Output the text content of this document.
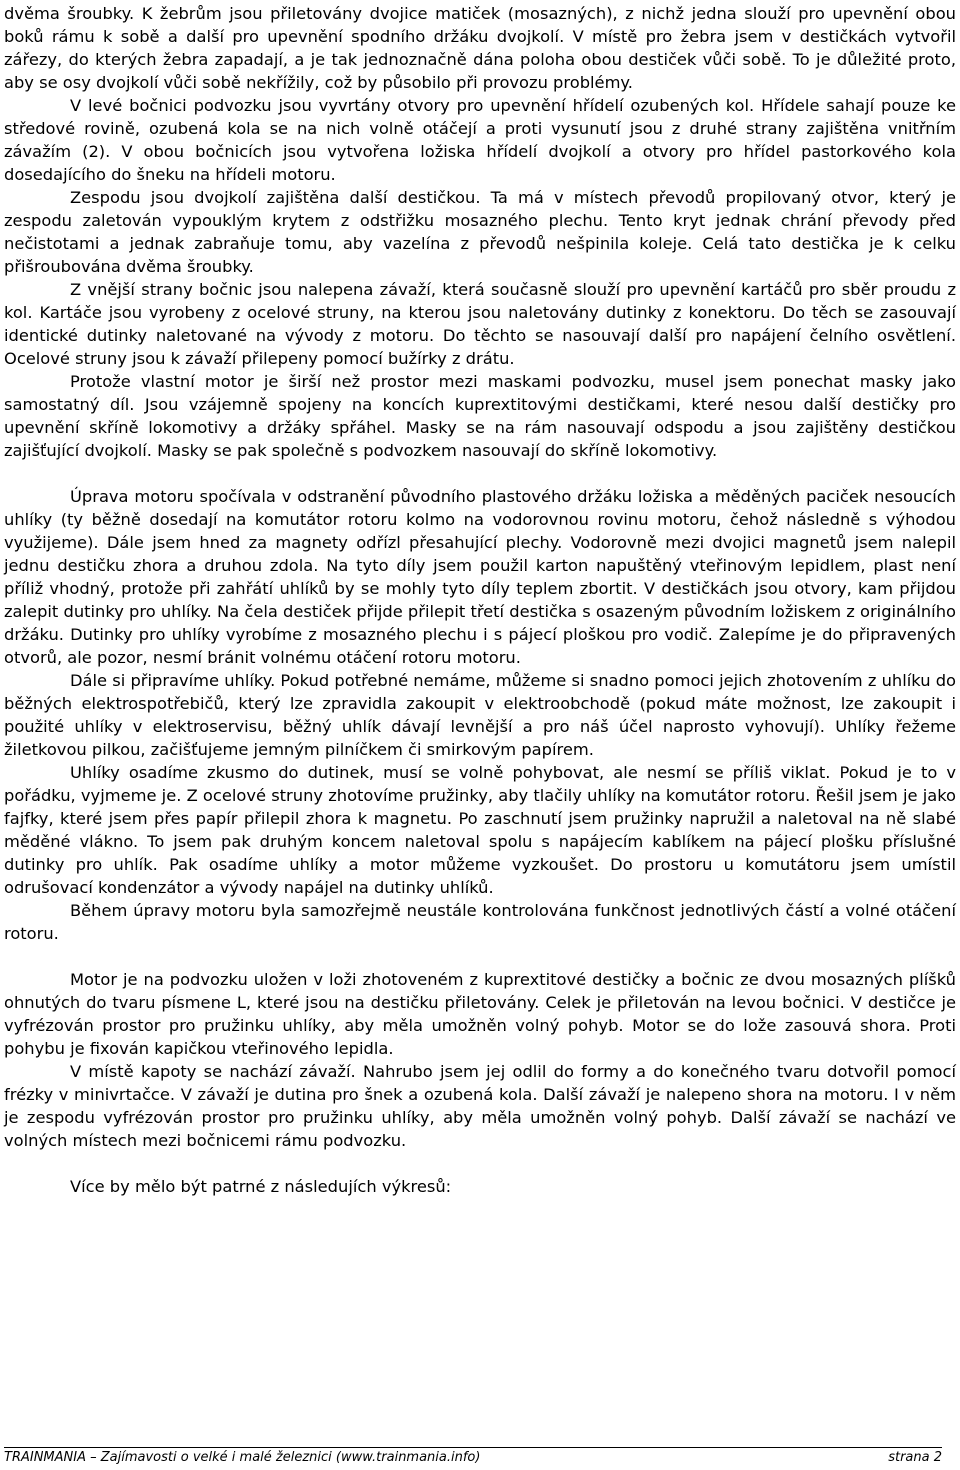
dvěma šroubky. K žebrům jsou přiletovány dvojice matiček (mosazných), z nichž jedna slouží pro upevnění obou boků rámu k sobě a další pro upevnění spodního držáku dvojkolí. V místě pro žebra jsem v destičkách vytvořil zářezy, do kterých žebra zapadají, a je tak jednoznačně dána poloha obou destiček vůči sobě. To je důležité proto, aby se osy dvojkolí vůči sobě nekřížily, což by působilo při provozu problémy.

V levé bočnici podvozku jsou vyvrtány otvory pro upevnění hřídelí ozubených kol. Hřídele sahají pouze ke středové rovině, ozubená kola se na nich volně otáčejí a proti vysunutí jsou z druhé strany zajištěna vnitřním závažím (2). V obou bočnicích jsou vytvořena ložiska hřídelí dvojkolí a otvory pro hřídel pastorkového kola dosedajícího do šneku na hřídeli motoru.

Zespodu jsou dvojkolí zajištěna další destičkou. Ta má v místech převodů propilovaný otvor, který je zespodu zaletován vypouklým krytem z odstřižku mosazného plechu. Tento kryt jednak chrání převody před nečistotami a jednak zabraňuje tomu, aby vazelína z převodů nešpinila koleje. Celá tato destička je k celku přišroubována dvěma šroubky.

Z vnější strany bočnic jsou nalepena závaží, která současně slouží pro upevnění kartáčů pro sběr proudu z kol. Kartáče jsou vyrobeny z ocelové struny, na kterou jsou naletovány dutinky z konektoru. Do těch se zasouvají identické dutinky naletované na vývody z motoru. Do těchto se nasouvají další pro napájení čelního osvětlení. Ocelové struny jsou k závaží přilepeny pomocí bužírky z drátu.

Protože vlastní motor je širší než prostor mezi maskami podvozku, musel jsem ponechat masky jako samostatný díl. Jsou vzájemně spojeny na koncích kuprextitovými destičkami, které nesou další destičky pro upevnění skříně lokomotivy a držáky spřáhel. Masky se na rám nasouvají odspodu a jsou zajištěny destičkou zajišťující dvojkolí. Masky se pak společně s podvozkem nasouvají do skříně lokomotivy.

Úprava motoru spočívala v odstranění původního plastového držáku ložiska a měděných paciček nesoucích uhlíky (ty běžně dosedají na komutátor rotoru kolmo na vodorovnou rovinu motoru, čehož následně s výhodou využijeme). Dále jsem hned za magnety odřízl přesahující plechy. Vodorovně mezi dvojici magnetů jsem nalepil jednu destičku zhora a druhou zdola. Na tyto díly jsem použil karton napuštěný vteřinovým lepidlem, plast není příliž vhodný, protože při zahřátí uhlíků by se mohly tyto díly teplem zbortit. V destičkách jsou otvory, kam přijdou zalepit dutinky pro uhlíky. Na čela destiček přijde přilepit třetí destička s osazeným původním ložiskem z originálního držáku. Dutinky pro uhlíky vyrobíme z mosazného plechu i s pájecí ploškou pro vodič. Zalepíme je do připravených otvorů, ale pozor, nesmí bránit volnému otáčení rotoru motoru.

Dále si připravíme uhlíky. Pokud potřebné nemáme, můžeme si snadno pomoci jejich zhotovením z uhlíku do běžných elektrospotřebičů, který lze zpravidla zakoupit v elektroobchodě (pokud máte možnost, lze zakoupit i použité uhlíky v elektroservisu, běžný uhlík dávají levnější a pro náš účel naprosto vyhovují). Uhlíky řežeme žiletkovou pilkou, začišťujeme jemným pilníčkem či smirkovým papírem.

Uhlíky osadíme zkusmo do dutinek, musí se volně pohybovat, ale nesmí se příliš viklat. Pokud je to v pořádku, vyjmeme je. Z ocelové struny zhotovíme pružinky, aby tlačily uhlíky na komutátor rotoru. Řešil jsem je jako fajfky, které jsem přes papír přilepil zhora k magnetu. Po zaschnutí jsem pružinky napružil a naletoval na ně slabé měděné vlákno. To jsem pak druhým koncem naletoval spolu s napájecím kablíkem na pájecí plošku příslušné dutinky pro uhlík. Pak osadíme uhlíky a motor můžeme vyzkoušet. Do prostoru u komutátoru jsem umístil odrušovací kondenzátor a vývody napájel na dutinky uhlíků.

Během úpravy motoru byla samozřejmě neustále kontrolována funkčnost jednotlivých částí a volné otáčení rotoru.

Motor je na podvozku uložen v loži zhotoveném z kuprextitové destičky a bočnic ze dvou mosazných plíšků ohnutých do tvaru písmene L, které jsou na destičku přiletovány. Celek je přiletován na levou bočnici. V destičce je vyfrézován prostor pro pružinku uhlíky, aby měla umožněn volný pohyb. Motor se do lože zasouvá shora. Proti pohybu je fixován kapičkou vteřinového lepidla.

V místě kapoty se nachází závaží. Nahrubo jsem jej odlil do formy a do konečného tvaru dotvořil pomocí frézky v minivrtačce. V závaží je dutina pro šnek a ozubená kola. Další závaží je nalepeno shora na motoru. I v něm je zespodu vyfrézován prostor pro pružinku uhlíky, aby měla umožněn volný pohyb. Další závaží se nachází ve volných místech mezi bočnicemi rámu podvozku.

Více by mělo být patrné z následujích výkresů:

TRAINMANIA – Zajímavosti o velké i malé železnici (www.trainmania.info)	strana 2
